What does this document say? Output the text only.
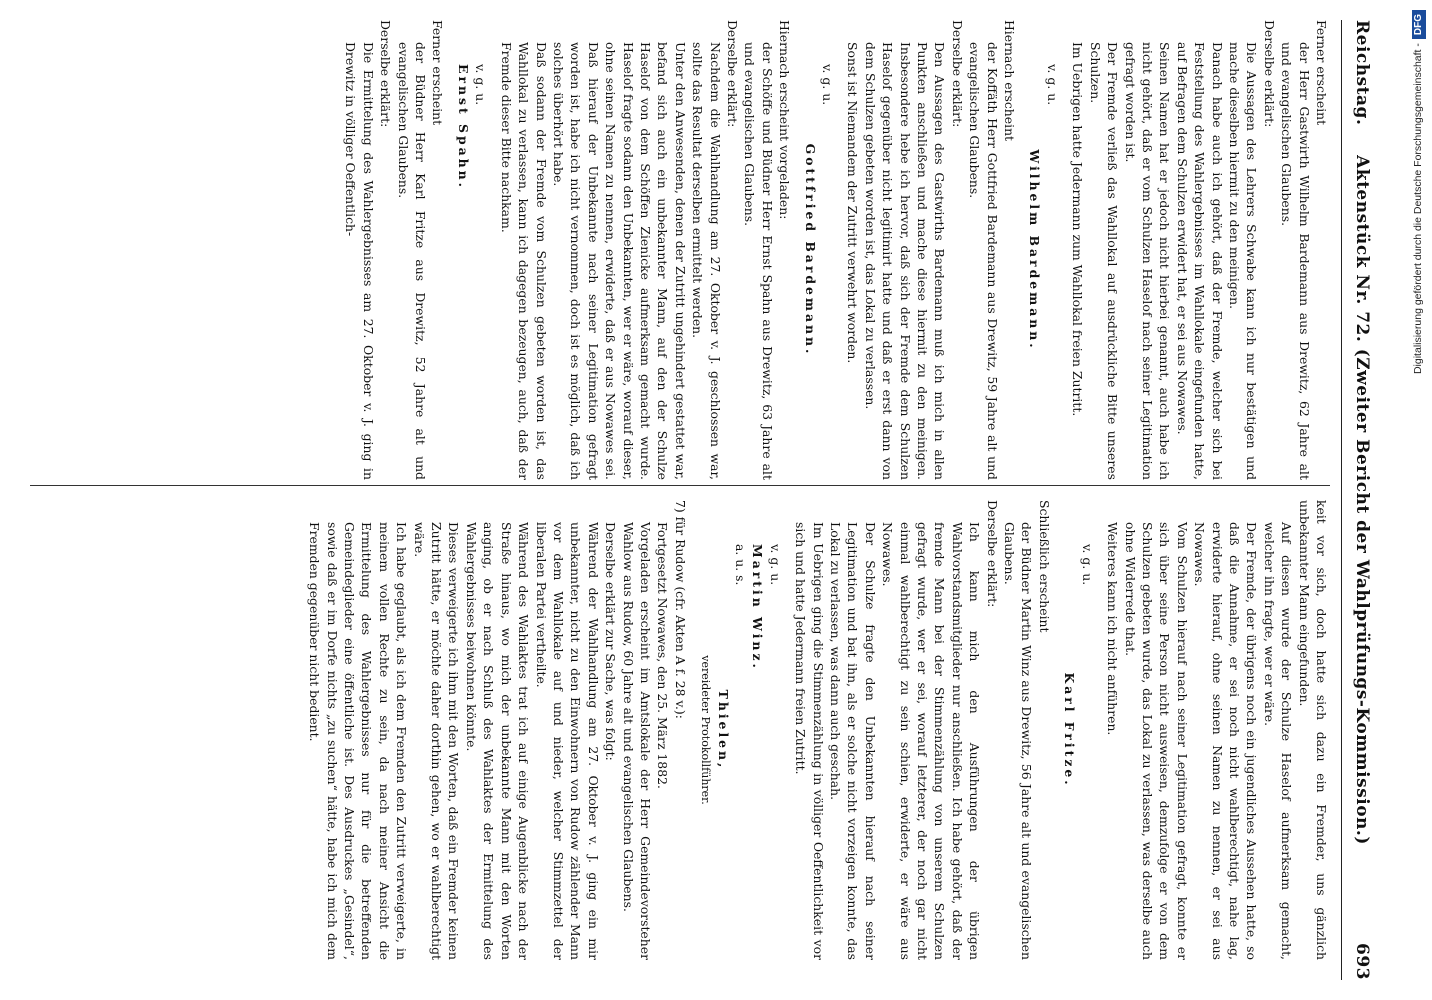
Reichstag.
Aktenstück Nr. 72. (Zweiter Bericht der Wahlprüfungs-Kommission.)
693

Ferner erscheint

der Herr Gastwirth Wilhelm Bardemann aus Drewitz, 62 Jahre alt und evangelischen Glaubens.

Derselbe erklärt:

Die Aussagen des Lehrers Schwabe kann ich nur bestätigen und mache dieselben hiermit zu den meinigen.

Danach habe auch ich gehört, daß der Fremde, welcher sich bei Feststellung des Wahlergebnisses im Wahllokale eingefunden hatte, auf Befragen dem Schulzen erwidert hat, er sei aus Nowawes.

Seinen Namen hat er jedoch nicht hierbei genannt, auch habe ich nicht gehört, daß er vom Schulzen Haselof nach seiner Legitimation gefragt worden ist.

Der Fremde verließ das Wahllokal auf ausdrückliche Bitte unseres Schulzen.

Im Uebrigen hatte Jedermann zum Wahllokal freien Zutritt.

v. g. u.

Wilhelm Bardemann.

Hiernach erscheint

der Koffäth Herr Gottfried Bardemann aus Drewitz, 59 Jahre alt und evangelischen Glaubens.

Derselbe erklärt:

Den Aussagen des Gastwirths Bardemann muß ich mich in allen Punkten anschließen und mache diese hiermit zu den meinigen. Insbesondere hebe ich hervor, daß sich der Fremde dem Schulzen Haselof gegenüber nicht legitimirt hatte und daß er erst dann von dem Schulzen gebeten worden ist, das Lokal zu verlassen.

Sonst ist Niemandem der Zutritt verwehrt worden.

v. g. u.

Gottfried Bardemann.

Hiernach erscheint vorgeladen:

der Schöffe und Büdner Herr Ernst Spahn aus Drewitz, 63 Jahre alt und evangelischen Glaubens.

Derselbe erklärt:

Nachdem die Wahlhandlung am 27. Oktober v. J. geschlossen war, sollte das Resultat derselben ermittelt werden.

Unter den Anwesenden, denen der Zutritt ungehindert gestattet war, befand sich auch ein unbekannter Mann, auf den der Schulze Haselof von dem Schöffen Zienicke aufmerksam gemacht wurde. Haselof fragte sodann den Unbekannten, wer er wäre, worauf dieser, ohne seinen Namen zu nennen, erwiderte, daß er aus Nowawes sei. Daß hierauf der Unbekannte nach seiner Legitimation gefragt worden ist, habe ich nicht vernommen, doch ist es möglich, daß ich solches überhört habe.

Daß sodann der Fremde vom Schulzen gebeten worden ist, das Wahllokal zu verlassen, kann ich dagegen bezeugen, auch, daß der Fremde dieser Bitte nachkam.

v. g. u.

Ernst Spahn.

Ferner erscheint

der Büdner Herr Karl Fritze aus Drewitz, 52 Jahre alt und evangelischen Glaubens.

Derselbe erklärt:

Die Ermittelung des Wahlergebnisses am 27. Oktober v. J. ging in Drewitz in völliger Oeffentlich-

keit vor sich, doch hatte sich dazu ein Fremder, uns gänzlich unbekannter Mann eingefunden.

Auf diesen wurde der Schulze Haselof aufmerksam gemacht, welcher ihn fragte, wer er wäre.

Der Fremde, der übrigens noch ein jugendliches Aussehen hatte, so daß die Annahme, er sei noch nicht wahlberechtigt, nahe lag, erwiderte hierauf, ohne seinen Namen zu nennen, er sei aus Nowawes.

Vom Schulzen hierauf nach seiner Legitimation gefragt, konnte er sich über seine Person nicht ausweisen, demzufolge er von dem Schulzen gebeten wurde, das Lokal zu verlassen, was derselbe auch ohne Widerrede that.

Weiteres kann ich nicht anführen.

v. g. u.

Karl Fritze.

Schließlich erscheint

der Büdner Martin Winz aus Drewitz, 56 Jahre alt und evangelischen Glaubens.

Derselbe erklärt:

Ich kann mich den Ausführungen der übrigen Wahlvorstandsmitglieder nur anschließen. Ich habe gehört, daß der fremde Mann bei der Stimmenzählung von unserem Schulzen gefragt wurde, wer er sei, worauf letzterer, der noch gar nicht einmal wahlberechtigt zu sein schien, erwiderte, er wäre aus Nowawes.

Der Schulze fragte den Unbekannten hierauf nach seiner Legitimation und bat ihn, als er solche nicht vorzeigen konnte, das Lokal zu verlassen, was dann auch geschah.

Im Uebrigen ging die Stimmenzählung in völliger Oeffentlichkeit vor sich und hatte Jedermann freien Zutritt.

v. g. u.

Martin Winz.

a. u. s.

Thielen,

vereideter Protokollführer.

7) für Rudow (cfr. Akten A f. 28 v.):

Fortgesetzt Nowawes, den 25. März 1882.

Vorgeladen erscheint im Amtslokale der Herr Gemeindevorsteher Wahlow aus Rudow, 60 Jahre alt und evangelischen Glaubens.

Derselbe erklärt zur Sache, was folgt:

Während der Wahlhandlung am 27. Oktober v. J. ging ein mir unbekannter, nicht zu den Einwohnern von Rudow zählender Mann vor dem Wahllokale auf und nieder, welcher Stimmzettel der liberalen Partei vertheilte.

Während des Wahlaktes trat ich auf einige Augenblicke nach der Straße hinaus, wo mich der unbekannte Mann mit den Worten anging, ob er nach Schluß des Wahlaktes der Ermittelung des Wahlergebnisses beiwohnen könnte.

Dieses verweigerte ich ihm mit den Worten, daß ein Fremder keinen Zutritt hätte, er möchte daher dorthin gehen, wo er wahlberechtigt wäre.

Ich habe geglaubt, als ich dem Fremden den Zutritt verweigerte, in meinem vollen Rechte zu sein, da nach meiner Ansicht die Ermittelung des Wahlergebnisses nur für die betreffenden Gemeindeglieder eine öffentliche ist. Des Ausdruckes „Gesindel“, sowie daß er im Dorfe nichts „zu suchen“ hätte, habe ich mich dem Fremden gegenüber nicht bedient.

Digitalisierung gefördert durch die Deutsche Forschungsgemeinschaft -DFG
